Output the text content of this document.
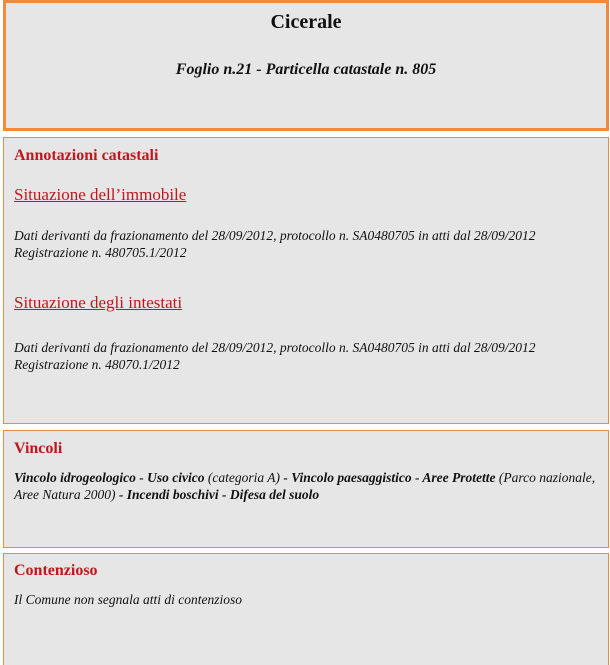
Cicerale
Foglio n.21 - Particella catastale n. 805
Annotazioni catastali
Situazione dell’immobile
Dati derivanti da frazionamento del 28/09/2012, protocollo n. SA0480705 in atti dal 28/09/2012
Registrazione n. 480705.1/2012
Situazione degli intestati
Dati derivanti da frazionamento del 28/09/2012, protocollo n. SA0480705 in atti dal 28/09/2012
Registrazione n. 48070.1/2012
Vincoli
Vincolo idrogeologico - Uso civico (categoria A) - Vincolo paesaggistico - Aree Protette (Parco nazionale, Aree Natura 2000) - Incendi boschivi - Difesa del suolo
Contenzioso
Il Comune non segnala atti di contenzioso
